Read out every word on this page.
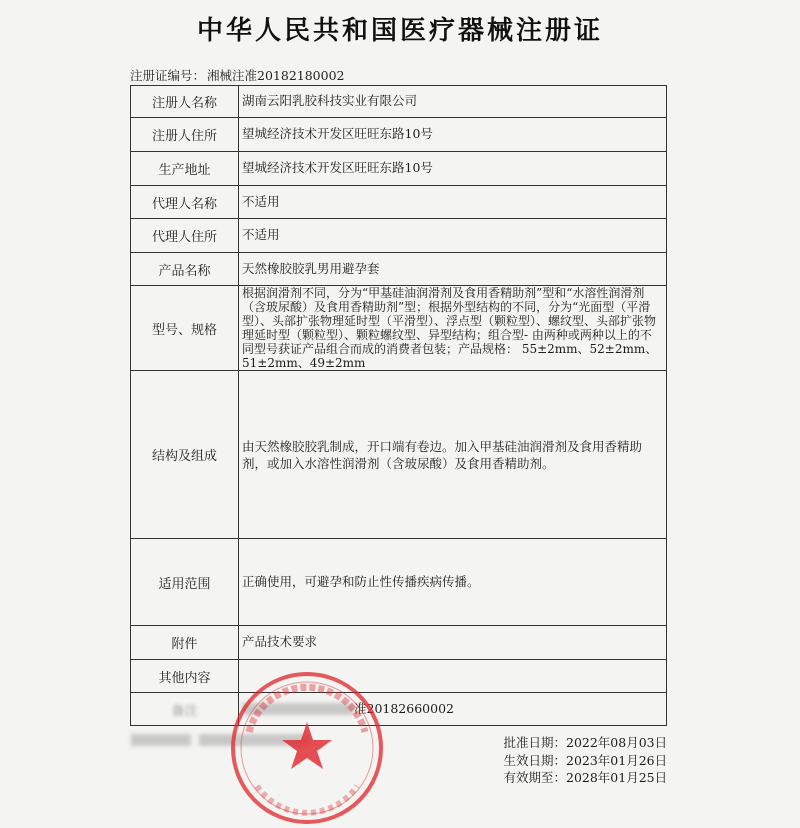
中华人民共和国医疗器械注册证
注册证编号： 湘械注准20182180002
注册人名称	湖南云阳乳胶科技实业有限公司
注册人住所	望城经济技术开发区旺旺东路10号
生产地址	望城经济技术开发区旺旺东路10号
代理人名称	不适用
代理人住所	不适用
产品名称	天然橡胶胶乳男用避孕套
型号、规格	根据润滑剂不同，分为“甲基硅油润滑剂及食用香精助剂”型和“水溶性润滑剂（含玻尿酸）及食用香精助剂”型；根据外型结构的不同，分为“光面型（平滑型）、头部扩张物理延时型（平滑型）、浮点型（颗粒型）、螺纹型、头部扩张物理延时型（颗粒型）、颗粒螺纹型、异型结构；组合型- 由两种或两种以上的不同型号获证产品组合而成的消费者包装；产品规格： 55±2mm、52±2mm、51±2mm、49±2mm
结构及组成	由天然橡胶胶乳制成，开口端有卷边。加入甲基硅油润滑剂及食用香精助剂，或加入水溶性润滑剂（含玻尿酸）及食用香精助剂。
适用范围	正确使用，可避孕和防止性传播疾病传播。
附件	产品技术要求
其他内容	
备注	准20182660002

批准日期：2022年08月03日
生效日期：2023年01月26日
有效期至：2028年01月25日
